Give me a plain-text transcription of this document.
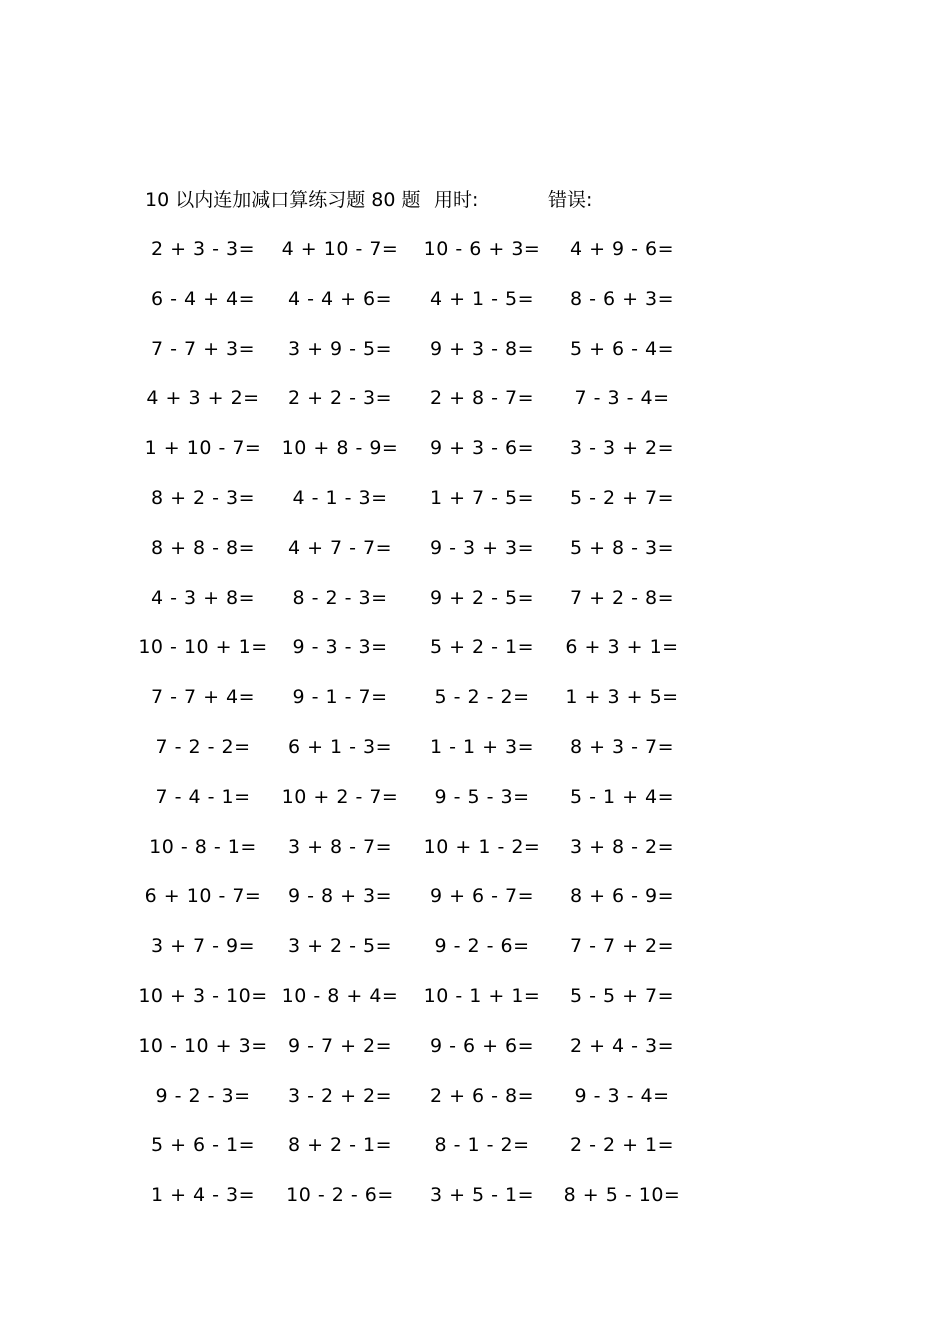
10 以内连加减口算练习题 80 题 用时:	错误:
2 + 3 - 3=	4 + 10 - 7=	10 - 6 + 3=	4 + 9 - 6=
6 - 4 + 4=	4 - 4 + 6=	4 + 1 - 5=	8 - 6 + 3=
7 - 7 + 3=	3 + 9 - 5=	9 + 3 - 8=	5 + 6 - 4=
4 + 3 + 2=	2 + 2 - 3=	2 + 8 - 7=	7 - 3 - 4=
1 + 10 - 7=	10 + 8 - 9=	9 + 3 - 6=	3 - 3 + 2=
8 + 2 - 3=	4 - 1 - 3=	1 + 7 - 5=	5 - 2 + 7=
8 + 8 - 8=	4 + 7 - 7=	9 - 3 + 3=	5 + 8 - 3=
4 - 3 + 8=	8 - 2 - 3=	9 + 2 - 5=	7 + 2 - 8=
10 - 10 + 1=	9 - 3 - 3=	5 + 2 - 1=	6 + 3 + 1=
7 - 7 + 4=	9 - 1 - 7=	5 - 2 - 2=	1 + 3 + 5=
7 - 2 - 2=	6 + 1 - 3=	1 - 1 + 3=	8 + 3 - 7=
7 - 4 - 1=	10 + 2 - 7=	9 - 5 - 3=	5 - 1 + 4=
10 - 8 - 1=	3 + 8 - 7=	10 + 1 - 2=	3 + 8 - 2=
6 + 10 - 7=	9 - 8 + 3=	9 + 6 - 7=	8 + 6 - 9=
3 + 7 - 9=	3 + 2 - 5=	9 - 2 - 6=	7 - 7 + 2=
10 + 3 - 10= 10 - 8 + 4=	10 - 1 + 1=	5 - 5 + 7=
10 - 10 + 3=	9 - 7 + 2=	9 - 6 + 6=	2 + 4 - 3=
9 - 2 - 3=	3 - 2 + 2=	2 + 6 - 8=	9 - 3 - 4=
5 + 6 - 1=	8 + 2 - 1=	8 - 1 - 2=	2 - 2 + 1=
1 + 4 - 3=	10 - 2 - 6=	3 + 5 - 1=	8 + 5 - 10=
